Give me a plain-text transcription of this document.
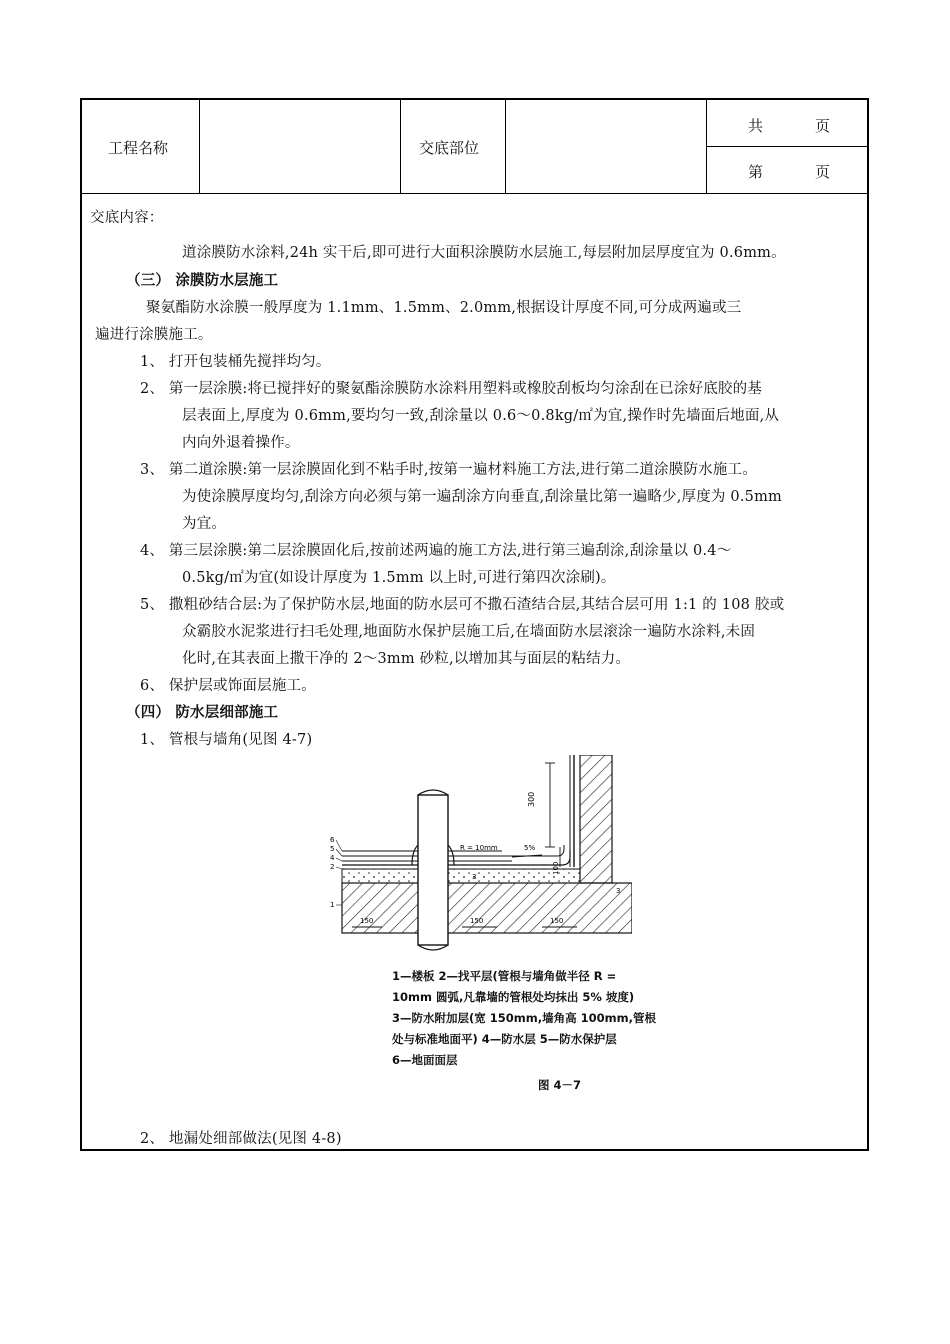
工程名称	交底部位
共	页
第	页
交底内容：
道涂膜防水涂料,24h 实干后,即可进行大面积涂膜防水层施工,每层附加层厚度宜为 0.6mm。
（三） 涂膜防水层施工
聚氨酯防水涂膜一般厚度为 1.1mm、1.5mm、2.0mm,根据设计厚度不同,可分成两遍或三
遍进行涂膜施工。
1、 打开包装桶先搅拌均匀。
2、 第一层涂膜:将已搅拌好的聚氨酯涂膜防水涂料用塑料或橡胶刮板均匀涂刮在已涂好底胶的基
层表面上,厚度为 0.6mm,要均匀一致,刮涂量以 0.6～0.8kg/㎡为宜,操作时先墙面后地面,从
内向外退着操作。
3、 第二道涂膜:第一层涂膜固化到不粘手时,按第一遍材料施工方法,进行第二道涂膜防水施工。
为使涂膜厚度均匀,刮涂方向必须与第一遍刮涂方向垂直,刮涂量比第一遍略少,厚度为 0.5mm
为宜。
4、 第三层涂膜:第二层涂膜固化后,按前述两遍的施工方法,进行第三遍刮涂,刮涂量以 0.4～
0.5kg/㎡为宜(如设计厚度为 1.5mm 以上时,可进行第四次涂刷)。
5、 撒粗砂结合层:为了保护防水层,地面的防水层可不撒石渣结合层,其结合层可用 1:1 的 108 胶或
众霸胶水泥浆进行扫毛处理,地面防水保护层施工后,在墙面防水层滚涂一遍防水涂料,未固
化时,在其表面上撒干净的 2～3mm 砂粒,以增加其与面层的粘结力。
6、 保护层或饰面层施工。
（四） 防水层细部施工
1、 管根与墙角(见图 4-7)
2、 地漏处细部做法(见图 4-8)
300
100
R = 10mm	5%
6
5
4
2
1
3
3
150	150	150
1—楼板 2—找平层(管根与墙角做半径 R =
10mm 圆弧,凡靠墙的管根处均抹出 5% 坡度)
3—防水附加层(宽 150mm,墙角高 100mm,管根
处与标准地面平) 4—防水层 5—防水保护层
6—地面面层
图 4－7
